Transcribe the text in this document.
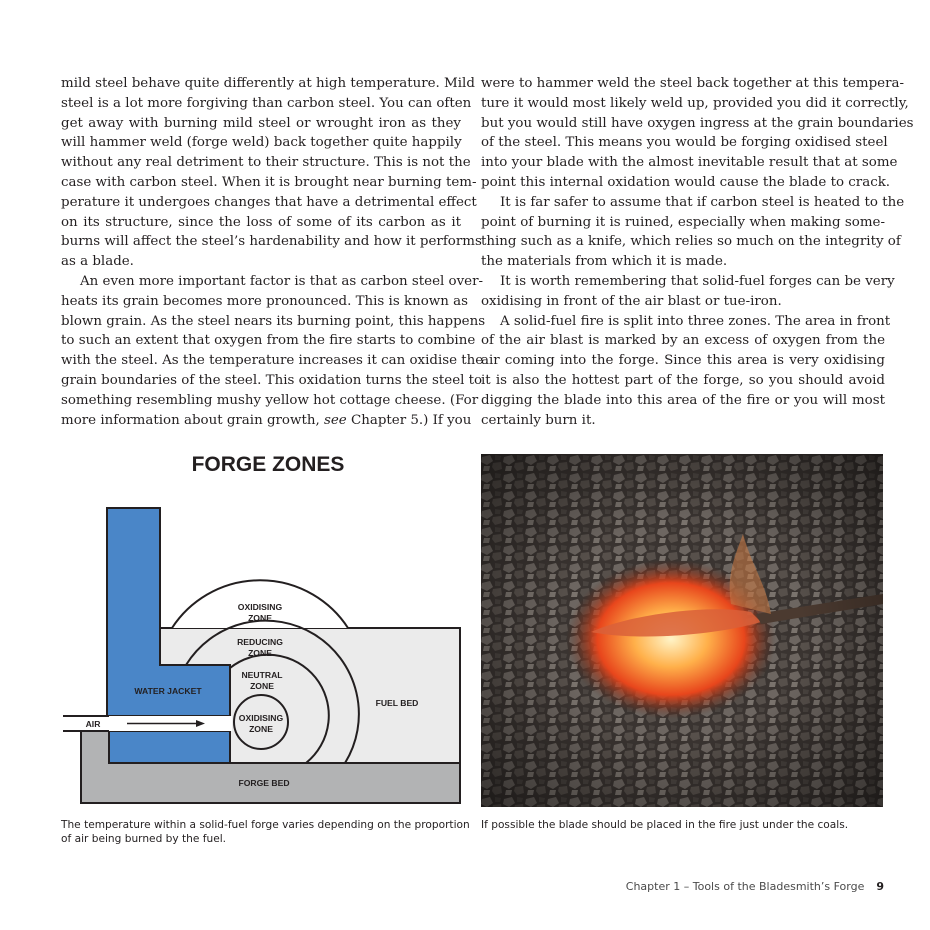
mild steel behave quite differently at high temperature. Mild
steel is a lot more forgiving than carbon steel. You can often
get away with burning mild steel or wrought iron as they
will hammer weld (forge weld) back together quite happily
without any real detriment to their structure. This is not the
case with carbon steel. When it is brought near burning tem-
perature it undergoes changes that have a detrimental effect
on its structure, since the loss of some of its carbon as it
burns will affect the steel’s hardenability and how it performs
as a blade.

An even more important factor is that as carbon steel over-
heats its grain becomes more pronounced. This is known as
blown grain. As the steel nears its burning point, this happens
to such an extent that oxygen from the fire starts to combine
with the steel. As the temperature increases it can oxidise the
grain boundaries of the steel. This oxidation turns the steel to
something resembling mushy yellow hot cottage cheese. (For
more information about grain growth, see Chapter 5.) If you

were to hammer weld the steel back together at this tempera-
ture it would most likely weld up, provided you did it correctly,
but you would still have oxygen ingress at the grain boundaries
of the steel. This means you would be forging oxidised steel
into your blade with the almost inevitable result that at some
point this internal oxidation would cause the blade to crack.

It is far safer to assume that if carbon steel is heated to the
point of burning it is ruined, especially when making some-
thing such as a knife, which relies so much on the integrity of
the materials from which it is made.

It is worth remembering that solid-fuel forges can be very
oxidising in front of the air blast or tue-iron.

A solid-fuel fire is split into three zones. The area in front
of the air blast is marked by an excess of oxygen from the
air coming into the forge. Since this area is very oxidising
it is also the hottest part of the forge, so you should avoid
digging the blade into this area of the fire or you will most
certainly burn it.

FORGE ZONES
OXIDISING
ZONE
REDUCING
ZONE
NEUTRAL
ZONE
OXIDISING
ZONE
WATER JACKET
AIR
FUEL BED
FORGE BED
The temperature within a solid-fuel forge varies depending on the proportion of air being burned by the fuel.
If possible the blade should be placed in the fire just under the coals.
Chapter 1 – Tools of the Bladesmith’s Forge 9
